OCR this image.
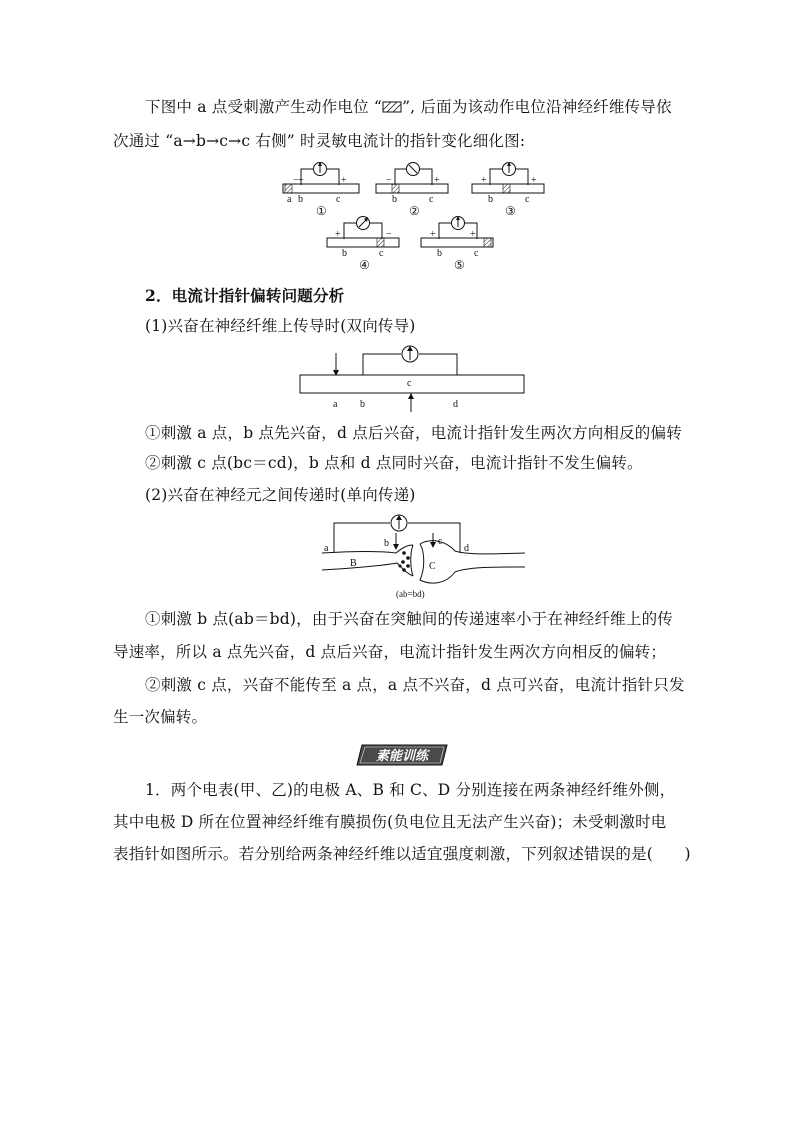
下图中 a 点受刺激产生动作电位 “ ”, 后面为该动作电位沿神经纤维传导依
次通过 “a→b→c→c 右侧” 时灵敏电流计的指针变化细化图:
− +	+
a b	c
①
−	+
b	c
②
+	+
b	c
③
+	−
b	c
④
+	+
b	c
⑤
2．电流计指针偏转问题分析
(1)兴奋在神经纤维上传导时(双向传导)
c
a b	d
①刺激 a 点，b 点先兴奋，d 点后兴奋，电流计指针发生两次方向相反的偏转
②刺激 c 点(bc＝cd)，b 点和 d 点同时兴奋，电流计指针不发生偏转。
(2)兴奋在神经元之间传递时(单向传递)
a	b	c
d
B	C
(ab=bd)
①刺激 b 点(ab＝bd)，由于兴奋在突触间的传递速率小于在神经纤维上的传
导速率，所以 a 点先兴奋，d 点后兴奋，电流计指针发生两次方向相反的偏转；
②刺激 c 点，兴奋不能传至 a 点，a 点不兴奋，d 点可兴奋，电流计指针只发
生一次偏转。
素能训练
1．两个电表(甲、乙)的电极 A、B 和 C、D 分别连接在两条神经纤维外侧，
其中电极 D 所在位置神经纤维有膜损伤(负电位且无法产生兴奋)；未受刺激时电
表指针如图所示。若分别给两条神经纤维以适宜强度刺激，下列叙述错误的是(　　)
